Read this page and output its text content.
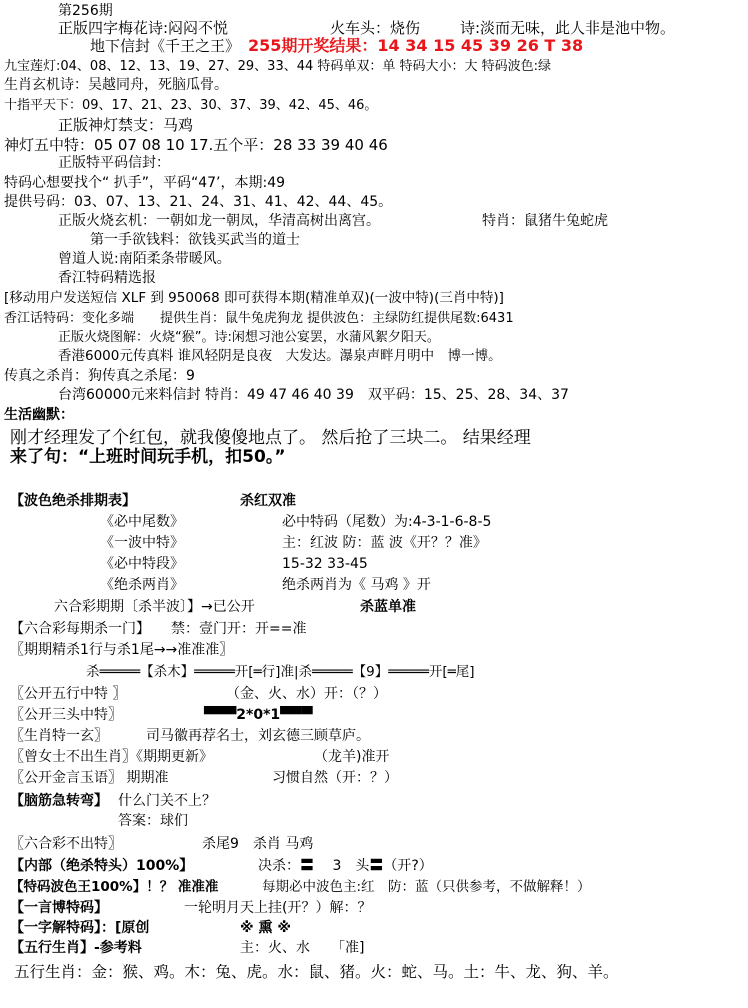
第256期
正版四字梅花诗:闷闷不悦	火车头：烧伤	诗:淡而无味，此人非是池中物。
地下信封《千王之王》 255期开奖结果：14 34 15 45 39 26 T 38
九宝莲灯:04、08、12、13、19、27、29、33、44 特码单双：单 特码大小：大 特码波色:绿
生肖玄机诗：吴越同舟，死脑瓜骨。
十指平天下：09、17、21、23、30、37、39、42、45、46。
正版神灯禁支：马鸡
神灯五中特：05 07 08 10 17.五个平：28 33 39 40 46
正版特平码信封：
特码心想要找个“ 扒手”，平码“47’，本期:49
提供号码：03、07、13、21、24、31、41、42、44、45。
正版火烧玄机：一朝如龙一朝凤，华清高树出离宫。	特肖：鼠猪牛兔蛇虎
第一手欲钱料：欲钱买武当的道士
曾道人说:南陌柔条带暖风。
香江特码精选报
[移动用户发送短信 XLF 到 950068 即可获得本期(精准单双)(一波中特)(三肖中特)]
香江话特码：变化多端　　提供生肖：鼠牛兔虎狗龙 提供波色：主绿防红提供尾数:6431
正版火烧图解：火烧“猴”。诗:闲想习池公宴罢，水蒲风絮夕阳天。
香港6000元传真料 谁风轻阴是良夜　大发达。瀑泉声畔月明中　博一博。
传真之杀肖：狗传真之杀尾：9
台湾60000元来料信封 特肖：49 47 46 40 39　双平码：15、25、28、34、37
生活幽默：
刚才经理发了个红包，就我傻傻地点了。 然后抢了三块二。 结果经理
来了句：“上班时间玩手机，扣50。”
【波色绝杀排期表】	杀红双准
《必中尾数》	必中特码（尾数）为:4-3-1-6-8-5
《一波中特》	主：红波 防：蓝 波《开？？准》
《必中特段》	15-32 33-45
《绝杀两肖》	绝杀两肖为《 马鸡 》开
六合彩期期〔杀半波〕】→已公开	杀蓝单准
【六合彩每期杀一门】　　禁：壹门开：开==准
〖期期精杀1行与杀1尾→→准准准〗
杀═════【杀木】═════开[═行]准|杀═════【9】═════开[═尾]
〖公开五行中特 〗	（金、火、水）开：（？）
〖公开三头中特〗	▀▀▀2*0*1▀▀▀
〖生肖特一玄〗	司马徽再荐名士，刘玄德三顾草庐。
〖曾女士不出生肖〗《期期更新》	（龙羊)准开
〖公开金言玉语〗 期期准	习惯自然（开：？）
【脑筋急转弯】 什么门关不上？
答案：球们
〖六合彩不出特〗	杀尾9　杀肖 马鸡
【内部（绝杀特头）100%】	决杀：〓　 3　头〓（开?）
【特码波色王100%】！？ 准准准	每期必中波色主:红　防：蓝（只供参考，不做解释！）
【一言博特码】	一轮明月天上挂(开？）解：？
【一字解特码】：[原创	※ 熏 ※
【五行生肖】-参考料	主：火、水　　「准]
五行生肖：金：猴、鸡。木：兔、虎。水：鼠、猪。火：蛇、马。土：牛、龙、狗、羊。
